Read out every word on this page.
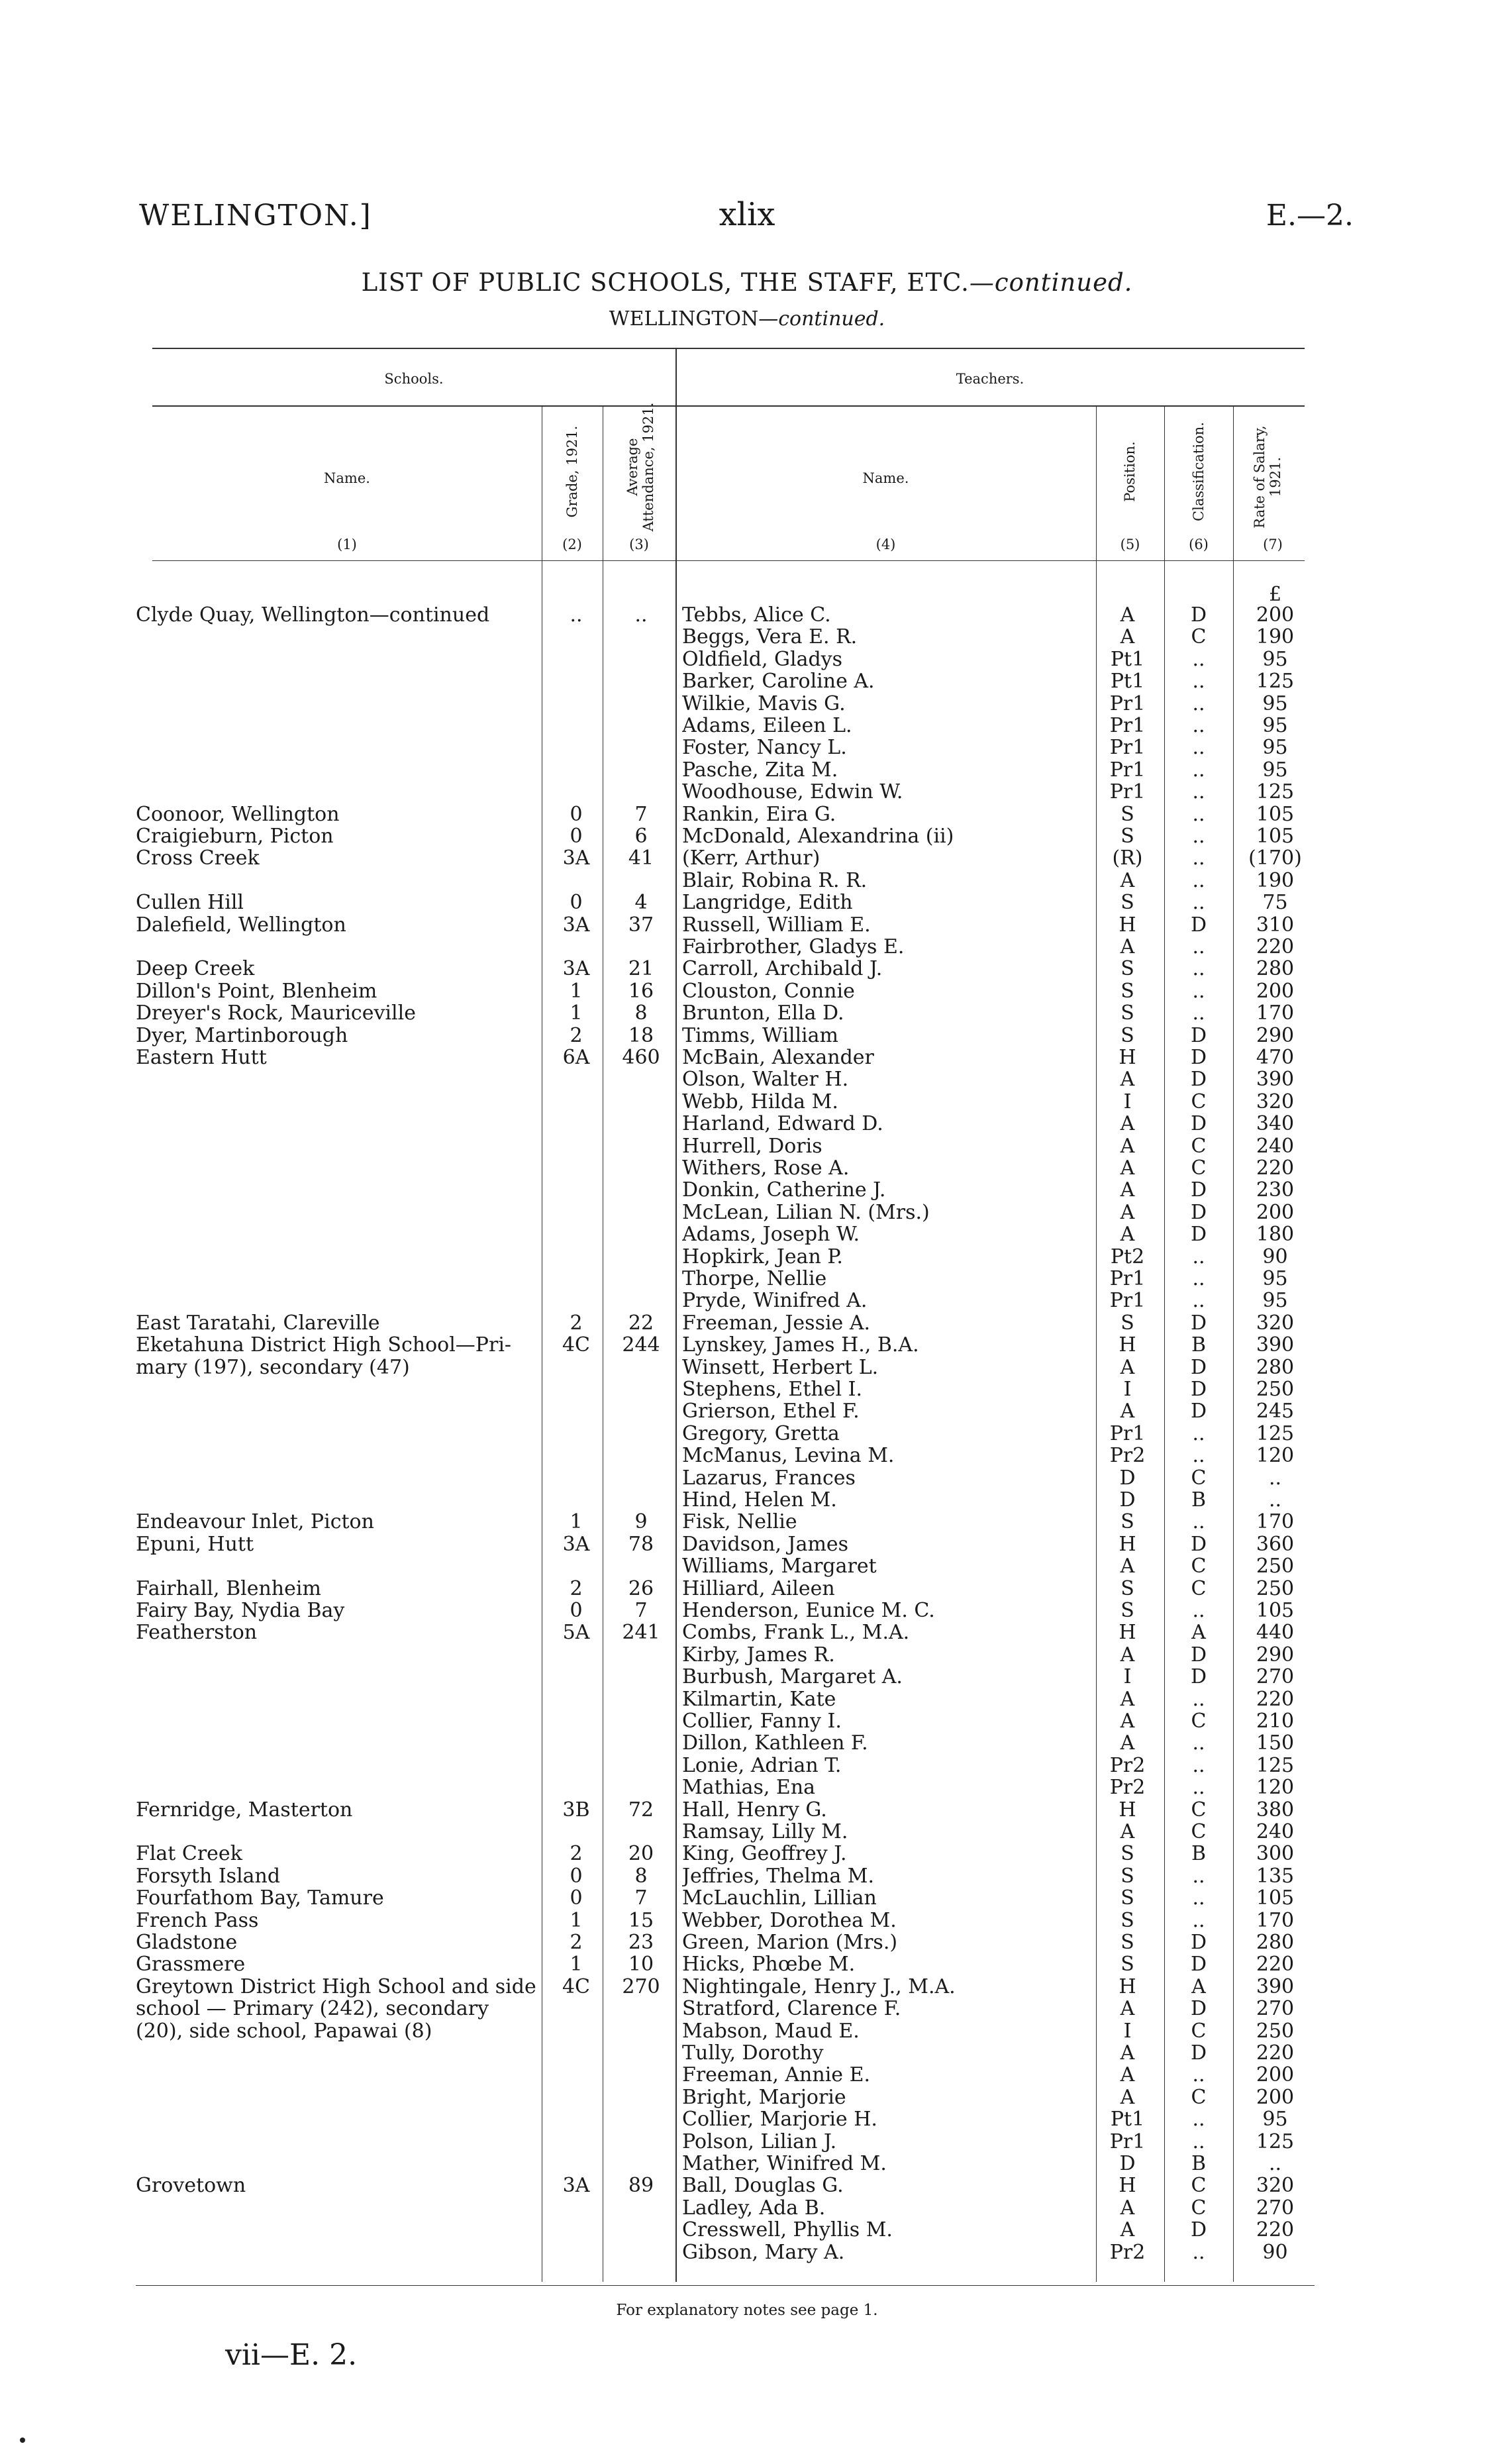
WELINGTON.]	xlix	E.—2.
LIST OF PUBLIC SCHOOLS, THE STAFF, ETC.—continued.
WELLINGTON—continued.
Schools.	Teachers.
Name.	Grade, 1921.	Average Attendance, 1921.	Name.	Position.	Classification.	Rate of Salary, 1921.
(1)	(2)	(3)	(4)	(5)	(6)	(7)
£
Clyde Quay, Wellington—continued	..	..	Tebbs, Alice C.	A	D	200
Beggs, Vera E. R.	A	C	190
Oldfield, Gladys	Pt1	..	95
Barker, Caroline A.	Pt1	..	125
Wilkie, Mavis G.	Pr1	..	95
Adams, Eileen L.	Pr1	..	95
Foster, Nancy L.	Pr1	..	95
Pasche, Zita M.	Pr1	..	95
Woodhouse, Edwin W.	Pr1	..	125
Coonoor, Wellington	0	7	Rankin, Eira G.	S	..	105
Craigieburn, Picton	0	6	McDonald, Alexandrina (ii)	S	..	105
Cross Creek	3A	41	(Kerr, Arthur)	(R)	..	(170)
Blair, Robina R. R.	A	..	190
Cullen Hill	0	4	Langridge, Edith	S	..	75
Dalefield, Wellington	3A	37	Russell, William E.	H	D	310
Fairbrother, Gladys E.	A	..	220
Deep Creek	3A	21	Carroll, Archibald J.	S	..	280
Dillon's Point, Blenheim	1	16	Clouston, Connie	S	..	200
Dreyer's Rock, Mauriceville	1	8	Brunton, Ella D.	S	..	170
Dyer, Martinborough	2	18	Timms, William	S	D	290
Eastern Hutt	6A	460	McBain, Alexander	H	D	470
Olson, Walter H.	A	D	390
Webb, Hilda M.	I	C	320
Harland, Edward D.	A	D	340
Hurrell, Doris	A	C	240
Withers, Rose A.	A	C	220
Donkin, Catherine J.	A	D	230
McLean, Lilian N. (Mrs.)	A	D	200
Adams, Joseph W.	A	D	180
Hopkirk, Jean P.	Pt2	..	90
Thorpe, Nellie	Pr1	..	95
Pryde, Winifred A.	Pr1	..	95
East Taratahi, Clareville	2	22	Freeman, Jessie A.	S	D	320
Eketahuna District High School—Pri-	4C	244	Lynskey, James H., B.A.	H	B	390
mary (197), secondary (47)	Winsett, Herbert L.	A	D	280
Stephens, Ethel I.	I	D	250
Grierson, Ethel F.	A	D	245
Gregory, Gretta	Pr1	..	125
McManus, Levina M.	Pr2	..	120
Lazarus, Frances	D	C	..
Hind, Helen M.	D	B	..
Endeavour Inlet, Picton	1	9	Fisk, Nellie	S	..	170
Epuni, Hutt	3A	78	Davidson, James	H	D	360
Williams, Margaret	A	C	250
Fairhall, Blenheim	2	26	Hilliard, Aileen	S	C	250
Fairy Bay, Nydia Bay	0	7	Henderson, Eunice M. C.	S	..	105
Featherston	5A	241	Combs, Frank L., M.A.	H	A	440
Kirby, James R.	A	D	290
Burbush, Margaret A.	I	D	270
Kilmartin, Kate	A	..	220
Collier, Fanny I.	A	C	210
Dillon, Kathleen F.	A	..	150
Lonie, Adrian T.	Pr2	..	125
Mathias, Ena	Pr2	..	120
Fernridge, Masterton	3B	72	Hall, Henry G.	H	C	380
Ramsay, Lilly M.	A	C	240
Flat Creek	2	20	King, Geoffrey J.	S	B	300
Forsyth Island	0	8	Jeffries, Thelma M.	S	..	135
Fourfathom Bay, Tamure	0	7	McLauchlin, Lillian	S	..	105
French Pass	1	15	Webber, Dorothea M.	S	..	170
Gladstone	2	23	Green, Marion (Mrs.)	S	D	280
Grassmere	1	10	Hicks, Phœbe M.	S	D	220
Greytown District High School and side	4C	270	Nightingale, Henry J., M.A.	H	A	390
school — Primary (242), secondary	Stratford, Clarence F.	A	D	270
(20), side school, Papawai (8)	Mabson, Maud E.	I	C	250
Tully, Dorothy	A	D	220
Freeman, Annie E.	A	..	200
Bright, Marjorie	A	C	200
Collier, Marjorie H.	Pt1	..	95
Polson, Lilian J.	Pr1	..	125
Mather, Winifred M.	D	B	..
Grovetown	3A	89	Ball, Douglas G.	H	C	320
Ladley, Ada B.	A	C	270
Cresswell, Phyllis M.	A	D	220
Gibson, Mary A.	Pr2	..	90
For explanatory notes see page 1.
vii—E. 2.
